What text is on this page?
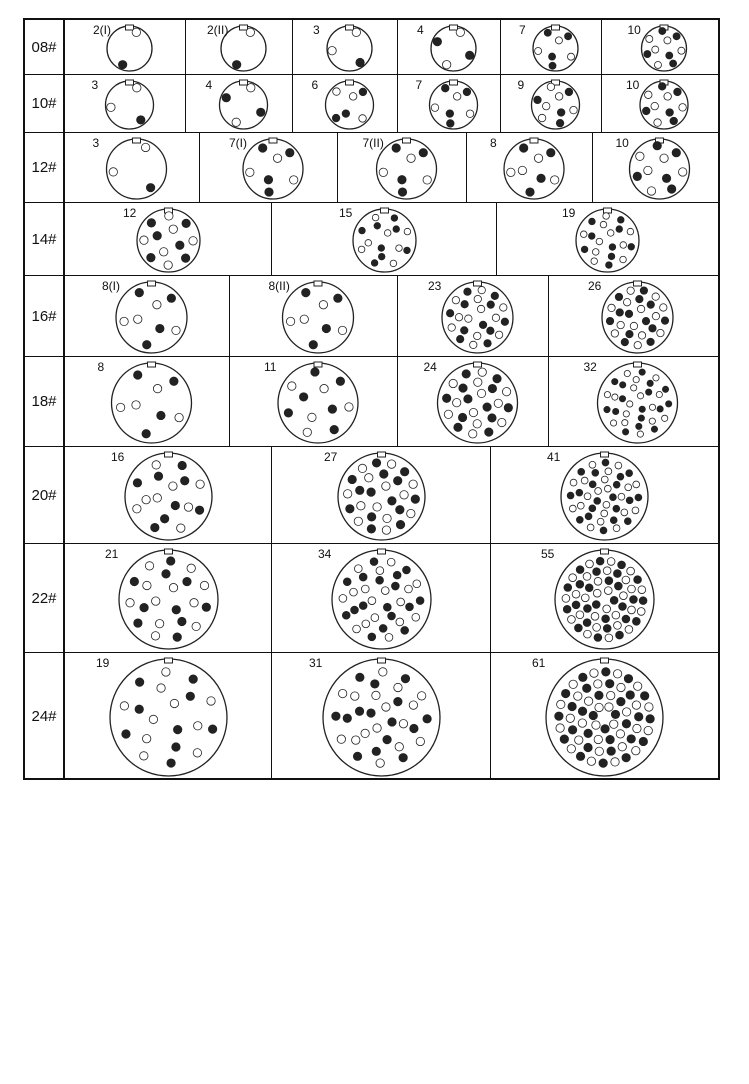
08#
2(I)	2(II)	3	4	7	10
10#
3	4	6	7	9	10
12#
3	7(I)	7(II)	8	10
14#
12	15	19
16#
8(I)	8(II)	23	26
18#
8	11	24	32
20#
16	27	41
22#
21	34	55
24#
19	31	61
